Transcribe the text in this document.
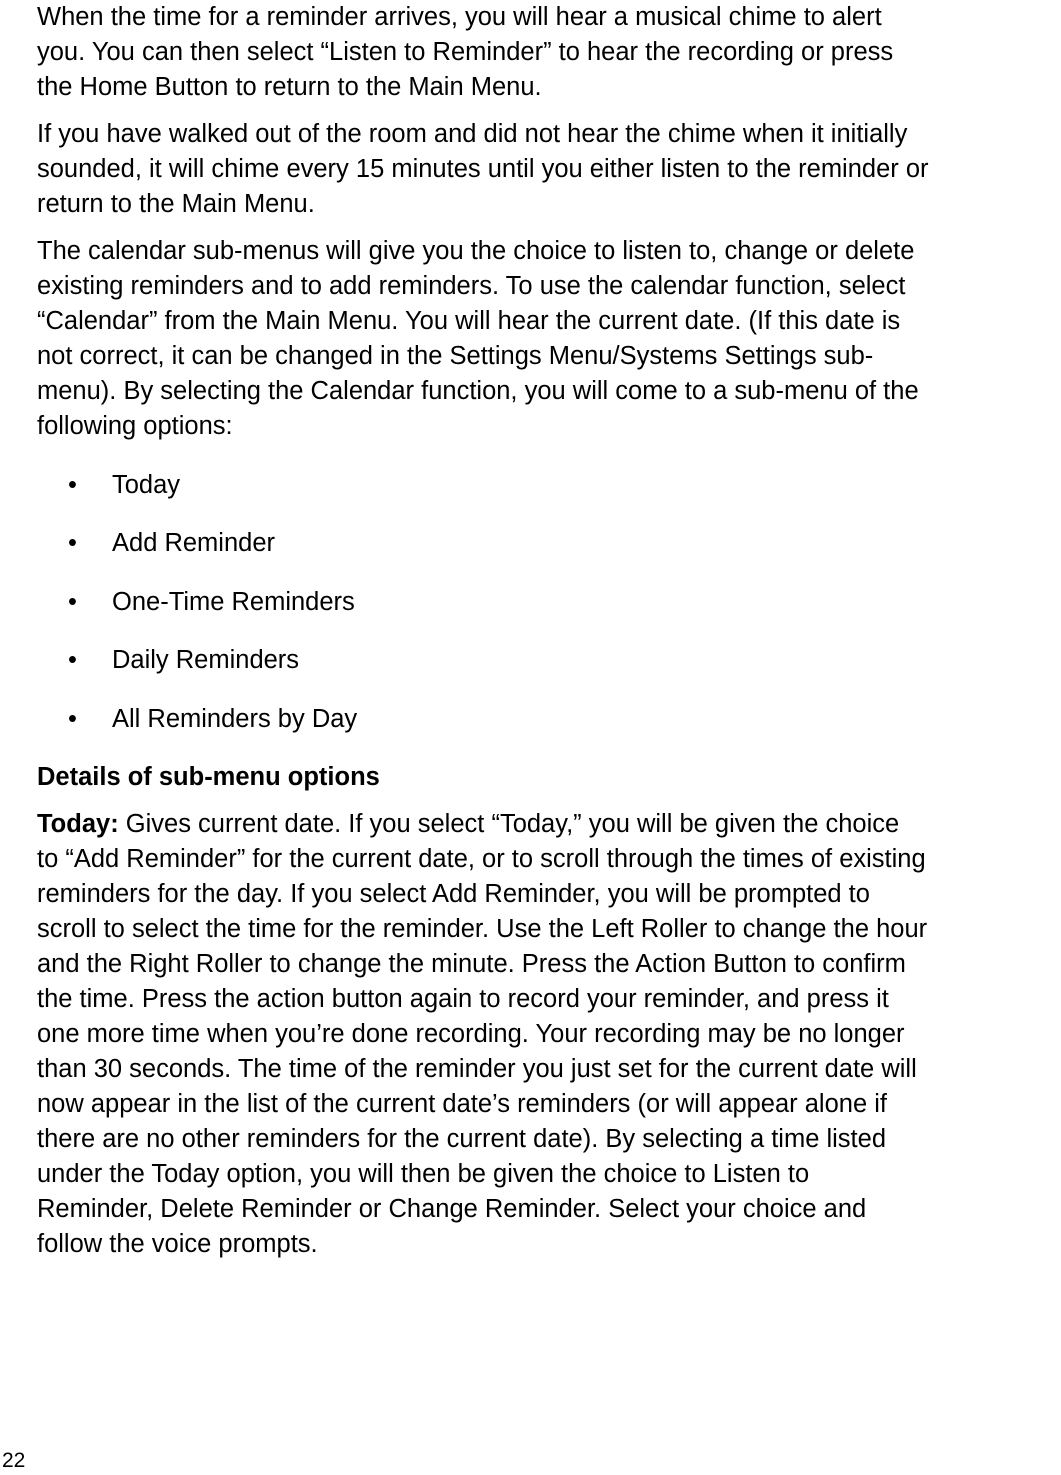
When the time for a reminder arrives, you will hear a musical chime to alert
you. You can then select “Listen to Reminder” to hear the recording or press
the Home Button to return to the Main Menu.

If you have walked out of the room and did not hear the chime when it initially
sounded, it will chime every 15 minutes until you either listen to the reminder or
return to the Main Menu.

The calendar sub-menus will give you the choice to listen to, change or delete
existing reminders and to add reminders. To use the calendar function, select
“Calendar” from the Main Menu. You will hear the current date. (If this date is
not correct, it can be changed in the Settings Menu/Systems Settings sub-
menu). By selecting the Calendar function, you will come to a sub-menu of the
following options:

• Today
• Add Reminder
• One-Time Reminders
• Daily Reminders
• All Reminders by Day
Details of sub-menu options

Today: Gives current date. If you select “Today,” you will be given the choice
to “Add Reminder” for the current date, or to scroll through the times of existing
reminders for the day. If you select Add Reminder, you will be prompted to
scroll to select the time for the reminder. Use the Left Roller to change the hour
and the Right Roller to change the minute. Press the Action Button to confirm
the time. Press the action button again to record your reminder, and press it
one more time when you’re done recording. Your recording may be no longer
than 30 seconds. The time of the reminder you just set for the current date will
now appear in the list of the current date’s reminders (or will appear alone if
there are no other reminders for the current date). By selecting a time listed
under the Today option, you will then be given the choice to Listen to
Reminder, Delete Reminder or Change Reminder. Select your choice and
follow the voice prompts.

22
